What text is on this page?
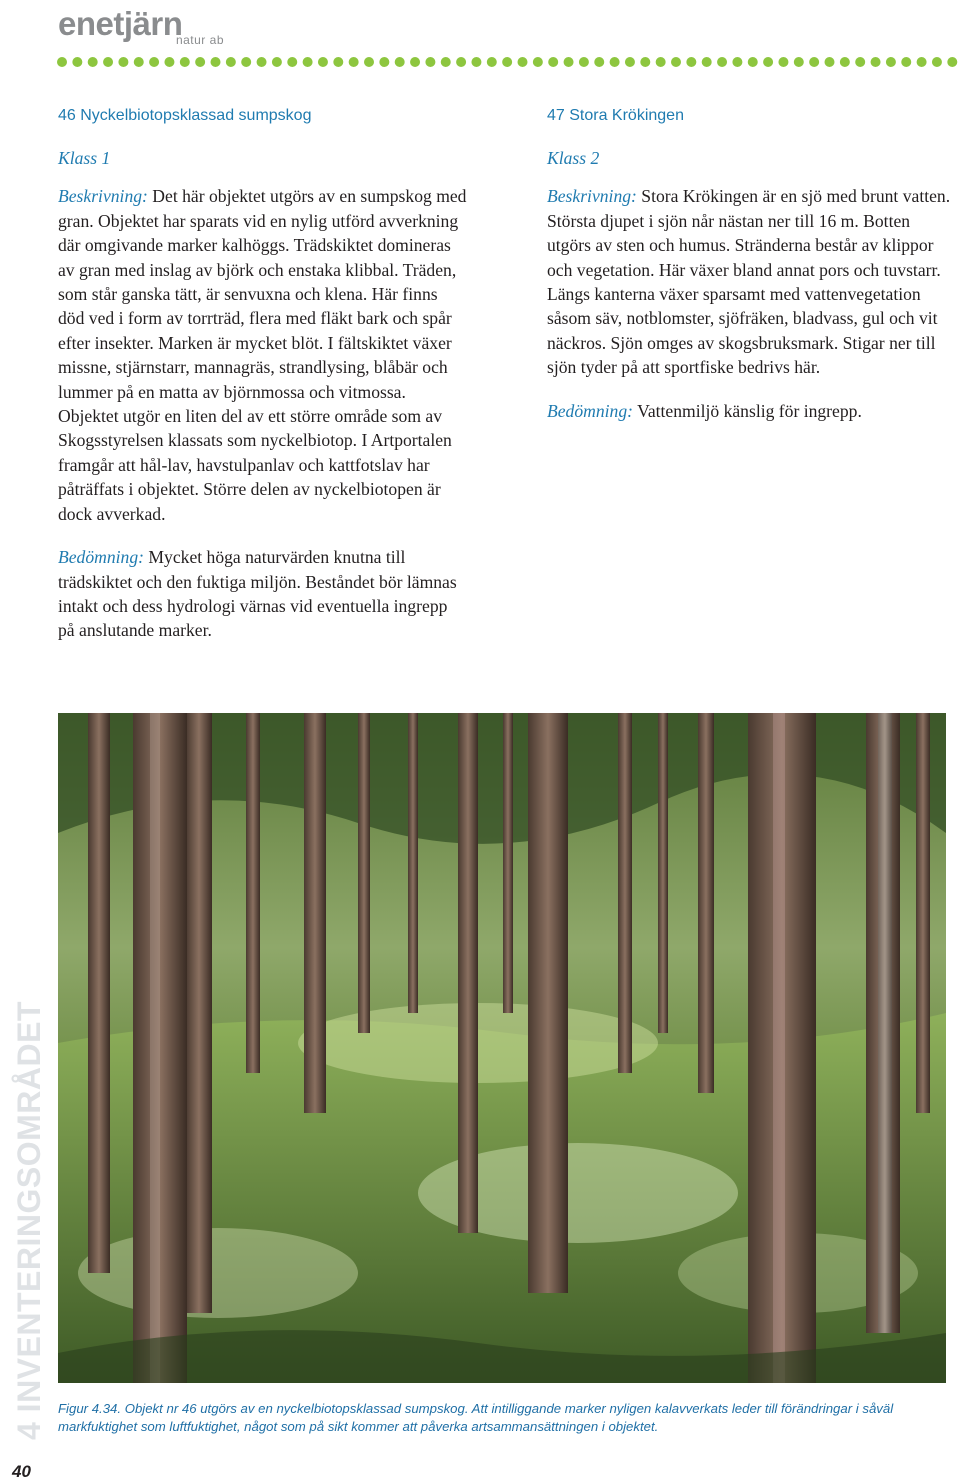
enetjärn
natur ab
46 Nyckelbiotopsklassad sumpskog

Klass 1

Beskrivning: Det här objektet utgörs av en sumpskog med gran. Objektet har sparats vid en nylig utförd avverkning där omgivande marker kalhöggs. Trädskiktet domineras av gran med inslag av björk och enstaka klibbal. Träden, som står ganska tätt, är senvuxna och klena. Här finns död ved i form av torrträd, flera med fläkt bark och spår efter insekter. Marken är mycket blöt. I fältskiktet växer missne, stjärnstarr, mannagräs, strandlysing, blåbär och lummer på en matta av björnmossa och vitmossa. Objektet utgör en liten del av ett större område som av Skogsstyrelsen klassats som nyckelbiotop. I Artportalen framgår att hål-lav, havstulpanlav och kattfotslav har påträffats i objektet. Större delen av nyckelbiotopen är dock avverkad.

Bedömning: Mycket höga naturvärden knutna till trädskiktet och den fuktiga miljön. Beståndet bör lämnas intakt och dess hydrologi värnas vid eventuella ingrepp på anslutande marker.

47 Stora Krökingen

Klass 2

Beskrivning: Stora Krökingen är en sjö med brunt vatten. Största djupet i sjön når nästan ner till 16 m. Botten utgörs av sten och humus. Stränderna består av klippor och vegetation. Här växer bland annat pors och tuvstarr. Längs kanterna växer sparsamt med vattenvegetation såsom säv, notblomster, sjöfräken, bladvass, gul och vit näckros. Sjön omges av skogsbruksmark. Stigar ner till sjön tyder på att sportfiske bedrivs här.

Bedömning: Vattenmiljö känslig för ingrepp.

Figur 4.34. Objekt nr 46 utgörs av en nyckelbiotopsklassad sumpskog. Att intilliggande marker nyligen kalavverkats leder till förändringar i såväl markfuktighet som luftfuktighet, något som på sikt kommer att påverka artsammansättningen i objektet.

4 INVENTERINGSOMRÅDET
40
